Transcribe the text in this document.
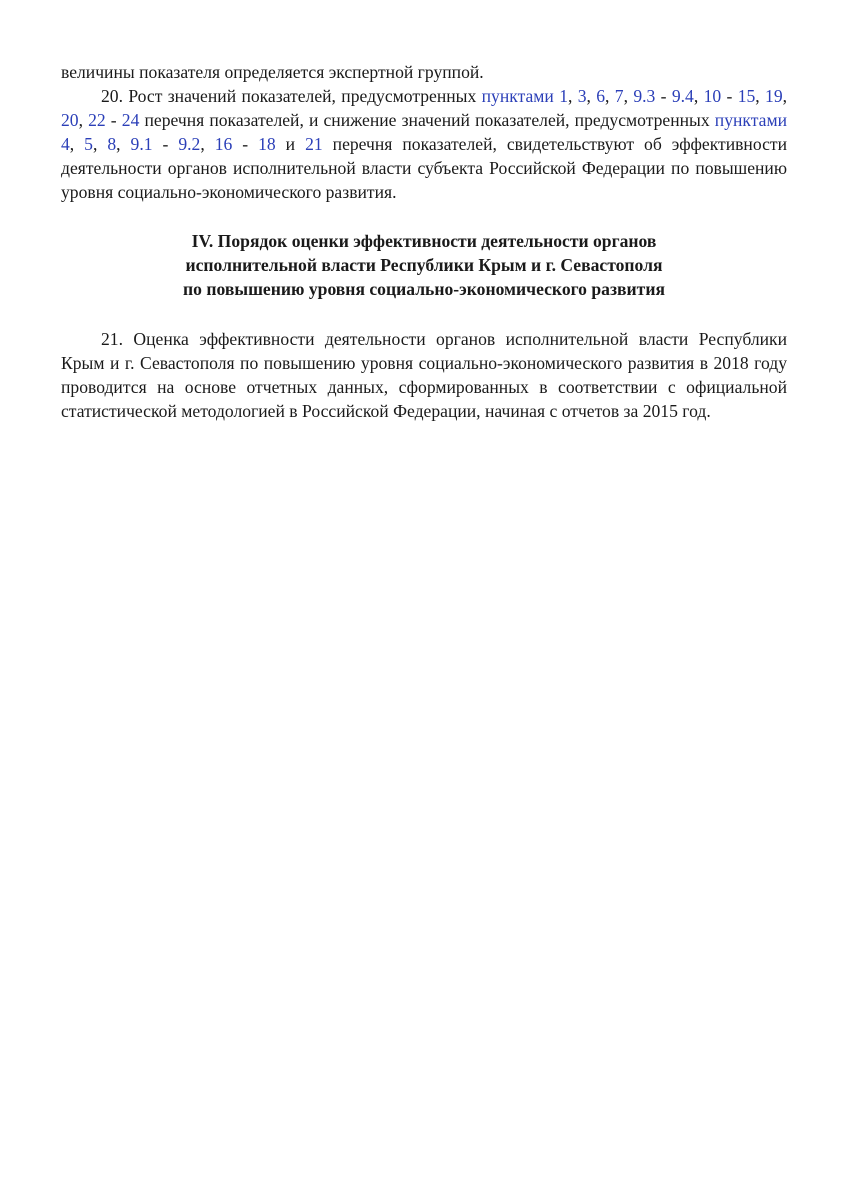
величины показателя определяется экспертной группой.

20. Рост значений показателей, предусмотренных пунктами 1, 3, 6, 7, 9.3 - 9.4, 10 - 15, 19, 20, 22 - 24 перечня показателей, и снижение значений показателей, предусмотренных пунктами 4, 5, 8, 9.1 - 9.2, 16 - 18 и 21 перечня показателей, свидетельствуют об эффективности деятельности органов исполнительной власти субъекта Российской Федерации по повышению уровня социально-экономического развития.

IV. Порядок оценки эффективности деятельности органов
исполнительной власти Республики Крым и г. Севастополя
по повышению уровня социально-экономического развития

21. Оценка эффективности деятельности органов исполнительной власти Республики Крым и г. Севастополя по повышению уровня социально-экономического развития в 2018 году проводится на основе отчетных данных, сформированных в соответствии с официальной статистической методологией в Российской Федерации, начиная с отчетов за 2015 год.
